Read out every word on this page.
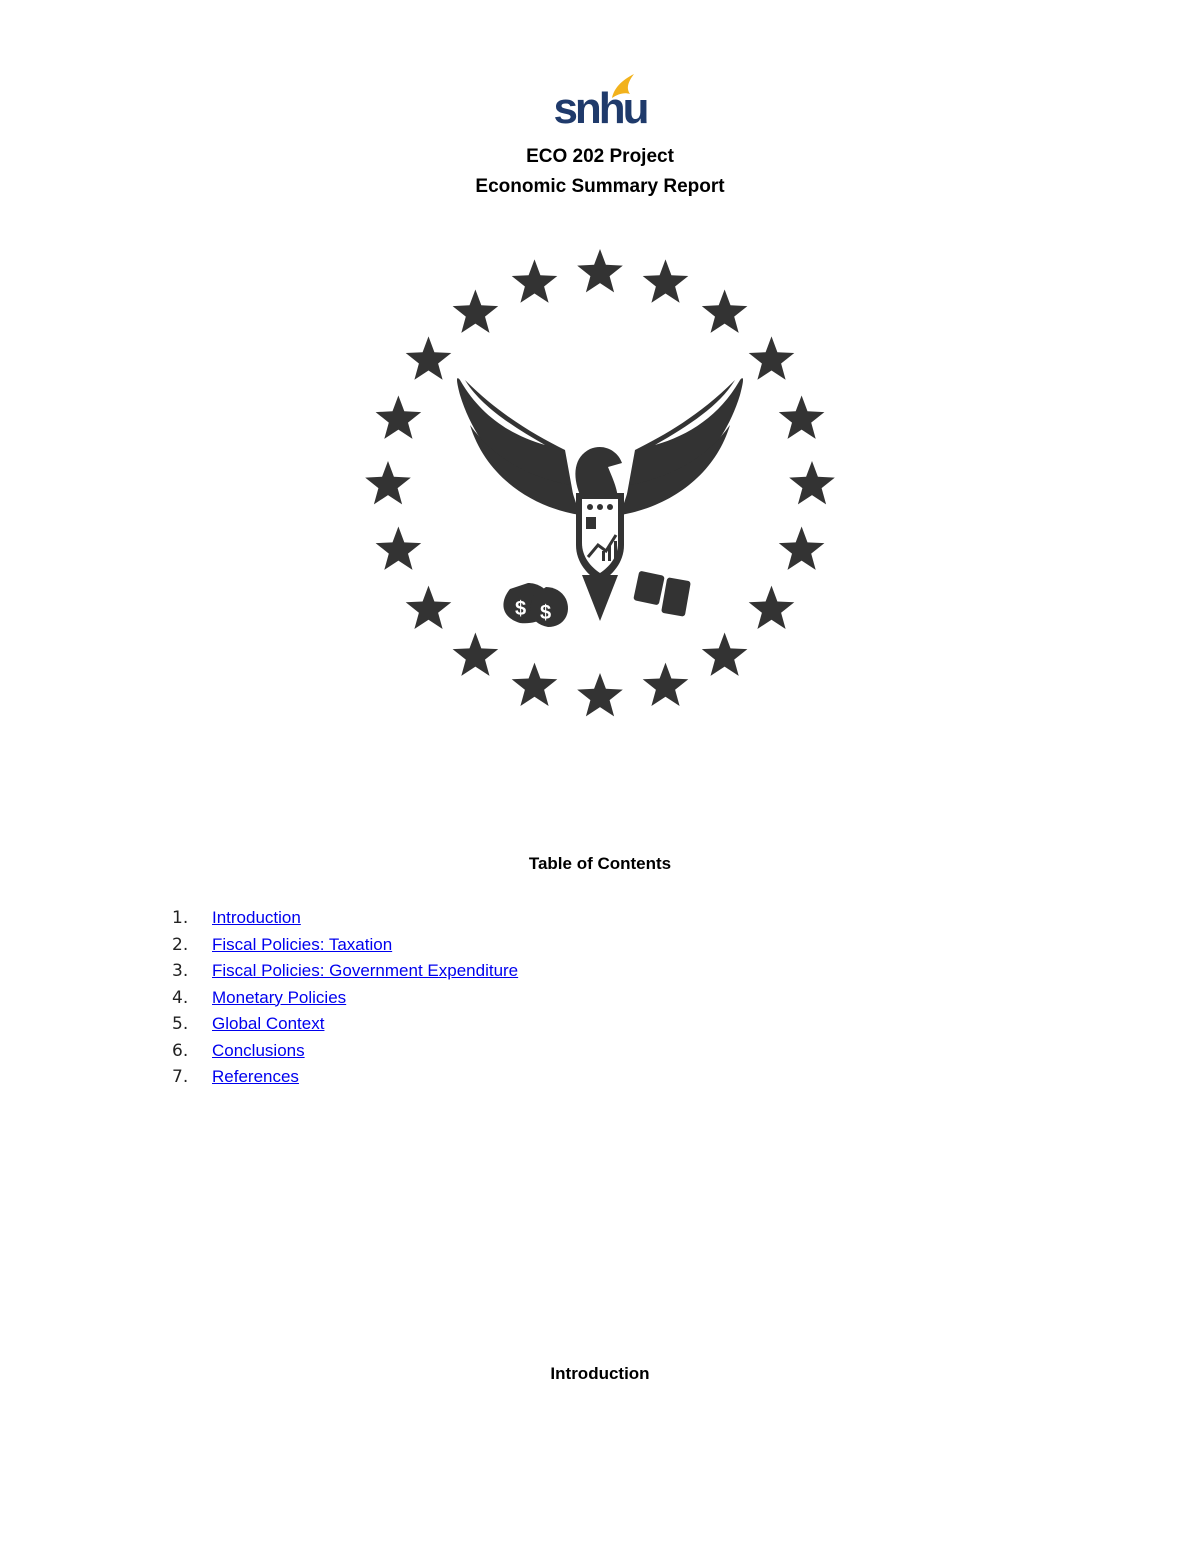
snhu
ECO 202 Project
Economic Summary Report
$ $
Table of Contents
1.	Introduction
2.	Fiscal Policies: Taxation
3.	Fiscal Policies: Government Expenditure
4.	Monetary Policies
5.	Global Context
6.	Conclusions
7.	References
Introduction
